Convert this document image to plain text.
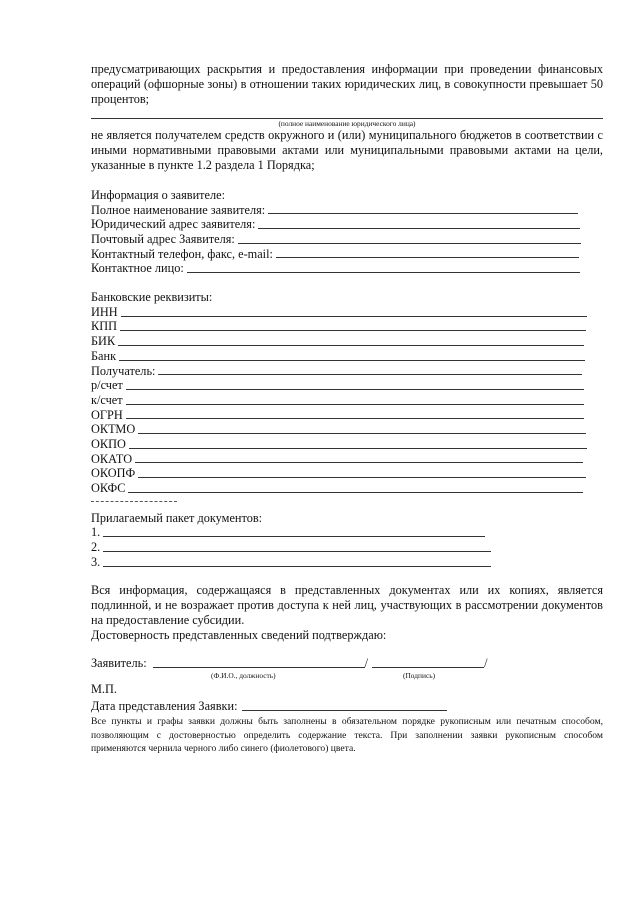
предусматривающих раскрытия и предоставления информации при проведении финансовых операций (офшорные зоны) в отношении таких юридических лиц, в совокупности превышает 50 процентов;

(полное наименование юридического лица)

не является получателем средств окружного и (или) муниципального бюджетов в соответствии с иными нормативными правовыми актами или муниципальными правовыми актами на цели, указанные в пункте 1.2 раздела 1 Порядка;

Информация о заявителе:
Полное наименование заявителя:
Юридический адрес заявителя:
Почтовый адрес Заявителя:
Контактный телефон, факс, e-mail:
Контактное лицо:
Банковские реквизиты:
ИНН
КПП
БИК
Банк
Получатель:
р/счет
к/счет
ОГРН
ОКТМО
ОКПО
ОКАТО
ОКОПФ
ОКФС
Прилагаемый пакет документов:
1.
2.
3.

Вся информация, содержащаяся в представленных документах или их копиях, является подлинной, и не возражает против доступа к ней лиц, участвующих в рассмотрении документов на предоставление субсидии.

Достоверность представленных сведений подтверждаю:

Заявитель:	/	/
(Ф.И.О., должность)	(Подпись)
М.П.
Дата представления Заявки:

Все пункты и графы заявки должны быть заполнены в обязательном порядке рукописным или печатным способом, позволяющим с достоверностью определить содержание текста. При заполнении заявки рукописным способом применяются чернила черного либо синего (фиолетового) цвета.
